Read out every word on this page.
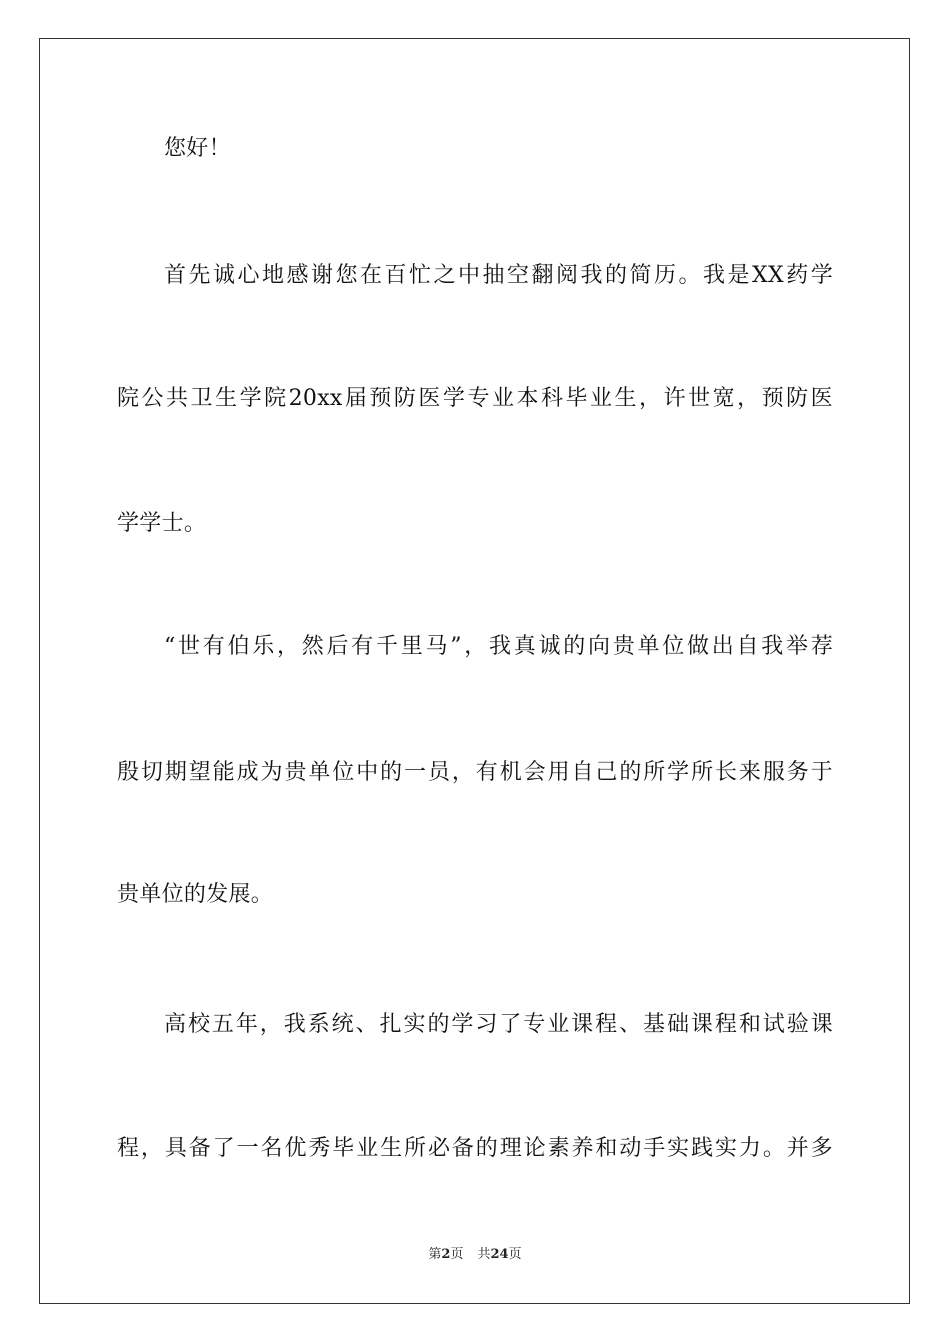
您好！
首先诚心地感谢您在百忙之中抽空翻阅我的简历。我是XX药学
院公共卫生学院20xx届预防医学专业本科毕业生，许世宽，预防医
学学士。
“世有伯乐，然后有千里马”，我真诚的向贵单位做出自我举荐
殷切期望能成为贵单位中的一员，有机会用自己的所学所长来服务于
贵单位的发展。
高校五年，我系统、扎实的学习了专业课程、基础课程和试验课
程，具备了一名优秀毕业生所必备的理论素养和动手实践实力。并多
第2页 共24页
